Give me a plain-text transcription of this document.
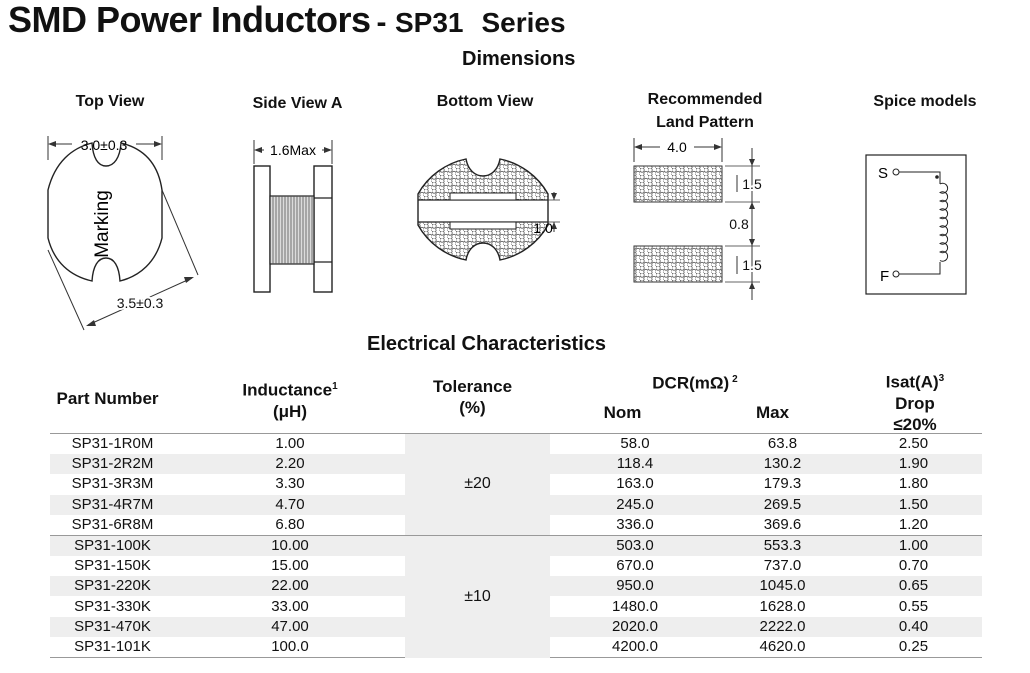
SMD Power Inductors - SP31 Series
Dimensions
Top View	Side View A	Bottom View	Recommended
Land Pattern
Spice models
3.0±0.3
3.5±0.3
Marking
1.6Max
1.0
4.0
1.5
0.8
1.5
S
F
Electrical Characteristics
Part Number	Inductance$^1$
(μH)
Tolerance
(%)
DCR(mΩ) $^2$
Nom	Max
$Isat(A)^3$
Drop
≤20%
SP31-1R0M	1.00	±20	58.0	63.8	2.50
SP31-2R2M	2.20		118.4	130.2	1.90
SP31-3R3M	3.30		163.0	179.3	1.80
SP31-4R7M	4.70		245.0	269.5	1.50
SP31-6R8M	6.80		336.0	369.6	1.20
SP31-100K	10.00	±10	503.0	553.3	1.00
SP31-150K	15.00		670.0	737.0	0.70
SP31-220K	22.00		950.0	1045.0	0.65
SP31-330K	33.00		1480.0	1628.0	0.55
SP31-470K	47.00		2020.0	2222.0	0.40
SP31-101K	100.0		4200.0	4620.0	0.25
